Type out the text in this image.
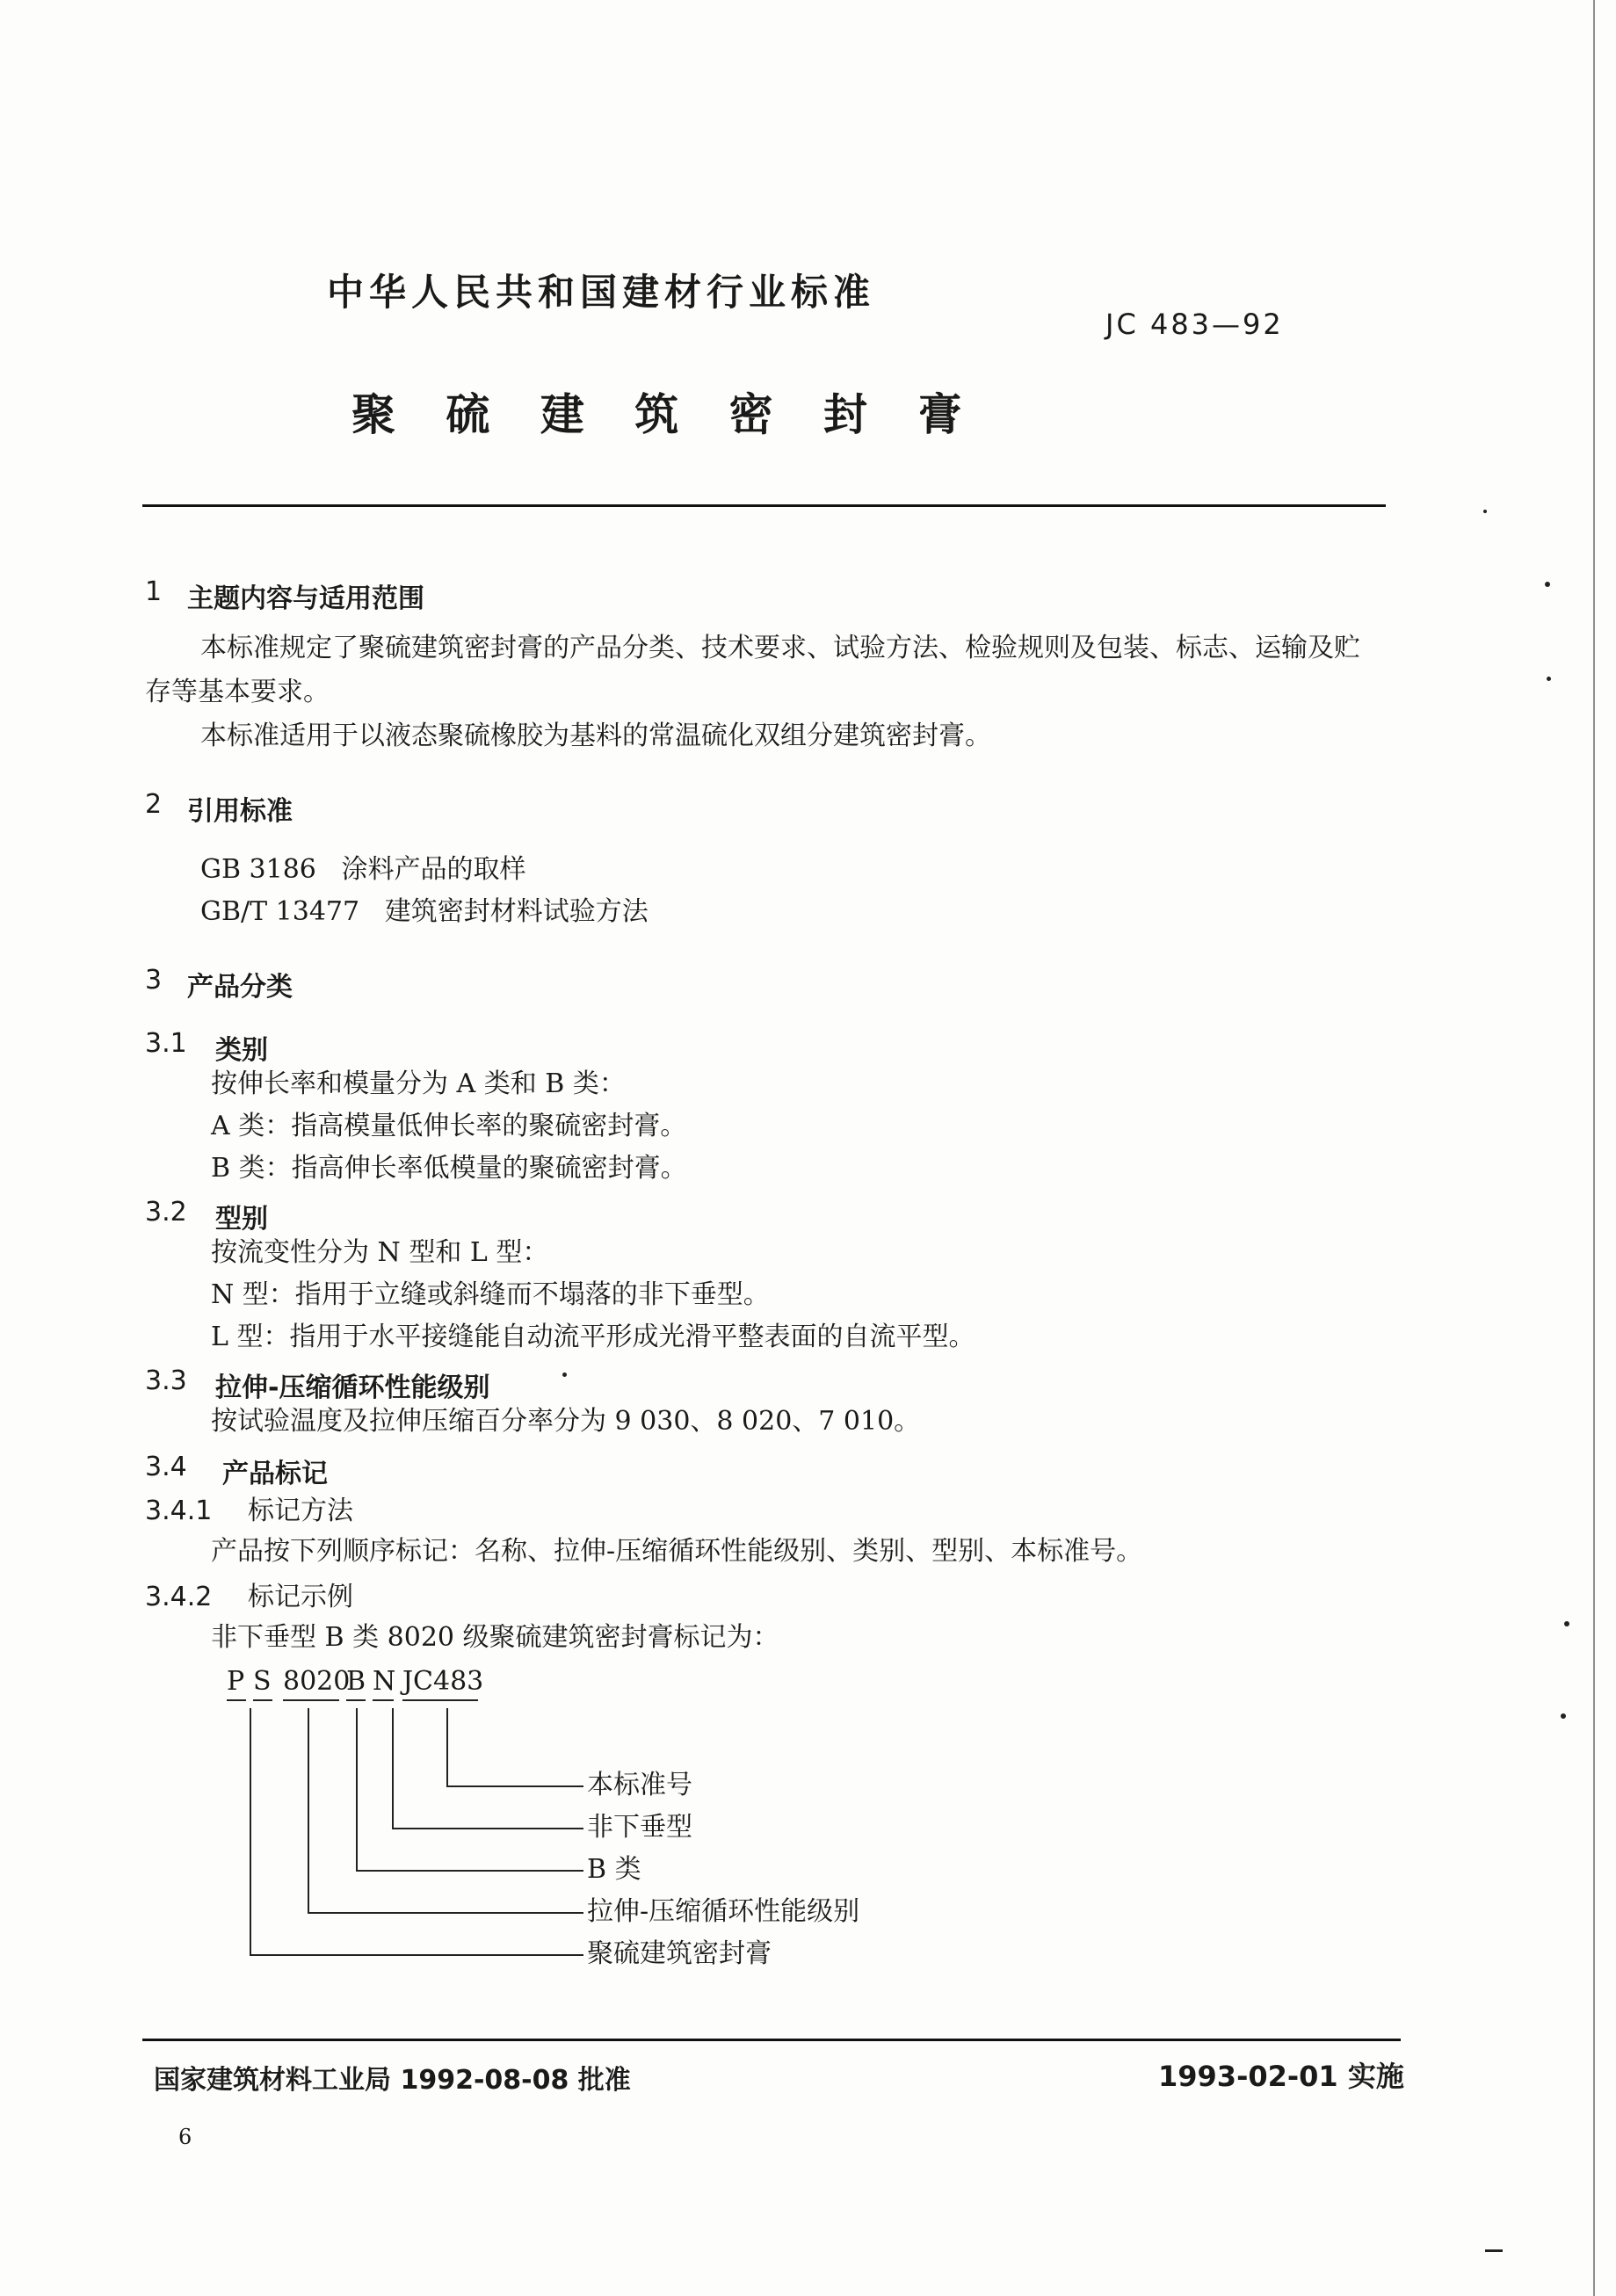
中华人民共和国建材行业标准
JC 483—92
聚 硫 建 筑 密 封 膏
1 主题内容与适用范围
本标准规定了聚硫建筑密封膏的产品分类、技术要求、试验方法、检验规则及包装、标志、运输及贮
存等基本要求。
本标准适用于以液态聚硫橡胶为基料的常温硫化双组分建筑密封膏。
2 引用标准
GB 3186   涂料产品的取样
GB/T 13477   建筑密封材料试验方法
3 产品分类
3.1 类别
按伸长率和模量分为 A 类和 B 类：
A 类：指高模量低伸长率的聚硫密封膏。
B 类：指高伸长率低模量的聚硫密封膏。
3.2 型别
按流变性分为 N 型和 L 型：
N 型：指用于立缝或斜缝而不塌落的非下垂型。
L 型：指用于水平接缝能自动流平形成光滑平整表面的自流平型。
3.3 拉伸-压缩循环性能级别
按试验温度及拉伸压缩百分率分为 9 030、8 020、7 010。
3.4 产品标记
3.4.1 标记方法
产品按下列顺序标记：名称、拉伸-压缩循环性能级别、类别、型别、本标准号。
3.4.2 标记示例
非下垂型 B 类 8020 级聚硫建筑密封膏标记为：
P S 8020
B N JC483
本标准号
非下垂型
B 类
拉伸-压缩循环性能级别
聚硫建筑密封膏
国家建筑材料工业局 1992-08-08 批准	1993-02-01 实施
6
